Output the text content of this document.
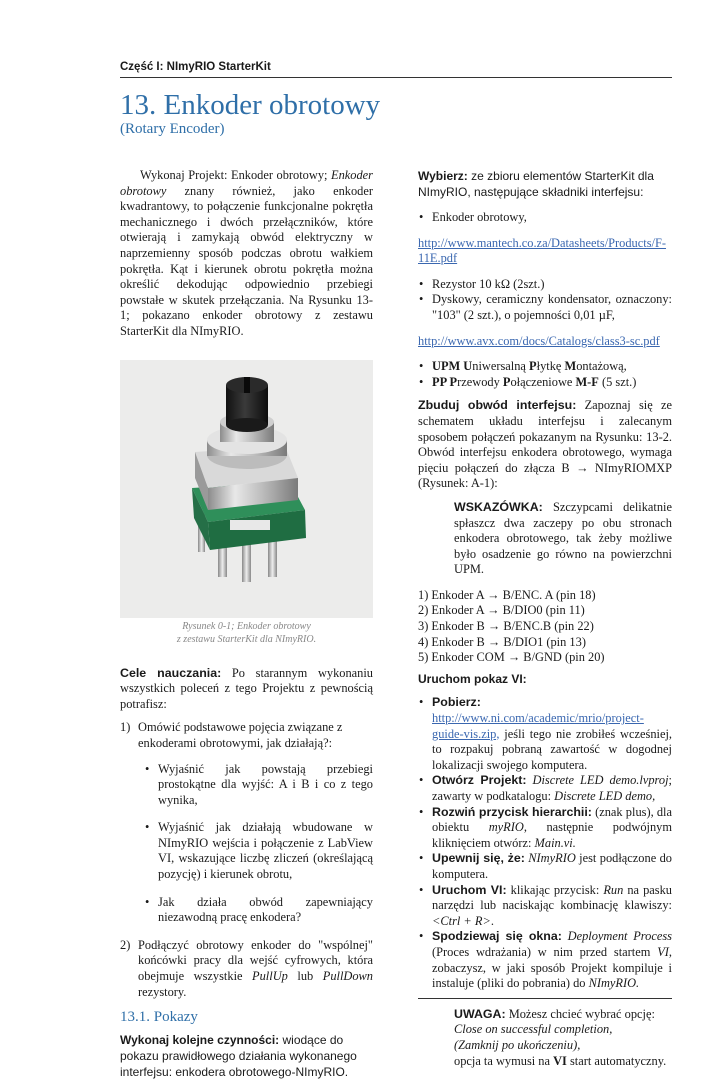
Część I: NImyRIO StarterKit
13. Enkoder obrotowy
(Rotary Encoder)

Wykonaj Projekt: Enkoder obrotowy; Enkoder obrotowy znany również, jako enkoder kwadrantowy, to połączenie funkcjonalne pokrętła mechanicznego i dwóch przełączników, które otwierają i zamykają obwód elektryczny w naprzemienny sposób podczas obrotu wałkiem pokrętła. Kąt i kierunek obrotu pokrętła można określić dekodując odpowiednio przebiegi powstałe w skutek przełączania. Na Rysunku 13-1; pokazano enkoder obrotowy z zestawu StarterKit dla NImyRIO.

Rysunek 0-1; Enkoder obrotowy
z zestawu StarterKit dla NImyRIO.

Cele nauczania: Po starannym wykonaniu wszystkich poleceń z tego Projektu z pewnością potrafisz:

1) Omówić podstawowe pojęcia związane z enkoderami obrotowymi, jak działają?:
• Wyjaśnić jak powstają przebiegi prostokątne dla wyjść: A i B i co z tego wynika,
• Wyjaśnić jak działają wbudowane w NImyRIO wejścia i połączenie z LabView VI, wskazujące liczbę zliczeń (określającą pozycję) i kierunek obrotu,
• Jak działa obwód zapewniający niezawodną pracę enkodera?
2) Podłączyć obrotowy enkoder do "wspólnej" końcówki pracy dla wejść cyfrowych, która obejmuje wszystkie PullUp lub PullDown rezystory.
13.1. Pokazy

Wykonaj kolejne czynności: wiodące do pokazu prawidłowego działania wykonanego interfejsu: enkodera obrotowego-NImyRIO.

Wybierz: ze zbioru elementów StarterKit dla NImyRIO, następujące składniki interfejsu:

• Enkoder obrotowy,

http://www.mantech.co.za/Datasheets/Products/F-11E.pdf

• Rezystor 10 kΩ (2szt.)
• Dyskowy, ceramiczny kondensator, oznaczony: "103" (2 szt.), o pojemności 0,01 µF,

http://www.avx.com/docs/Catalogs/class3-sc.pdf

• UPM Uniwersalną Płytkę Montażową,
• PP Przewody Połączeniowe M-F (5 szt.)

Zbuduj obwód interfejsu: Zapoznaj się ze schematem układu interfejsu i zalecanym sposobem połączeń pokazanym na Rysunku: 13-2. Obwód interfejsu enkodera obrotowego, wymaga pięciu połączeń do złącza B → NImyRIOMXP (Rysunek: A-1):

WSKAZÓWKA: Szczypcami delikatnie spłaszcz dwa zaczepy po obu stronach enkodera obrotowego, tak żeby możliwe było osadzenie go równo na powierzchni UPM.

1) Enkoder A → B/ENC. A (pin 18)
2) Enkoder A → B/DIO0 (pin 11)
3) Enkoder B → B/ENC.B (pin 22)
4) Enkoder B → B/DIO1 (pin 13)
5) Enkoder COM → B/GND (pin 20)

Uruchom pokaz VI:

• Pobierz: http://www.ni.com/academic/mrio/project-guide-vis.zip, jeśli tego nie zrobiłeś wcześniej, to rozpakuj pobraną zawartość w dogodnej lokalizacji swojego komputera.
• Otwórz Projekt: Discrete LED demo.lvproj; zawarty w podkatalogu: Discrete LED demo,
• Rozwiń przycisk hierarchii: (znak plus), dla obiektu myRIO, następnie podwójnym kliknięciem otwórz: Main.vi.
• Upewnij się, że: NImyRIO jest podłączone do komputera.
• Uruchom VI: klikając przycisk: Run na pasku narzędzi lub naciskając kombinację klawiszy: <Ctrl + R>.
• Spodziewaj się okna: Deployment Process (Proces wdrażania) w nim przed startem VI, zobaczysz, w jaki sposób Projekt kompiluje i instaluje (pliki do pobrania) do NImyRIO.
UWAGA: Możesz chcieć wybrać opcję:
Close on successful completion,
(Zamknij po ukończeniu),
opcja ta wymusi na VI start automatyczny.
